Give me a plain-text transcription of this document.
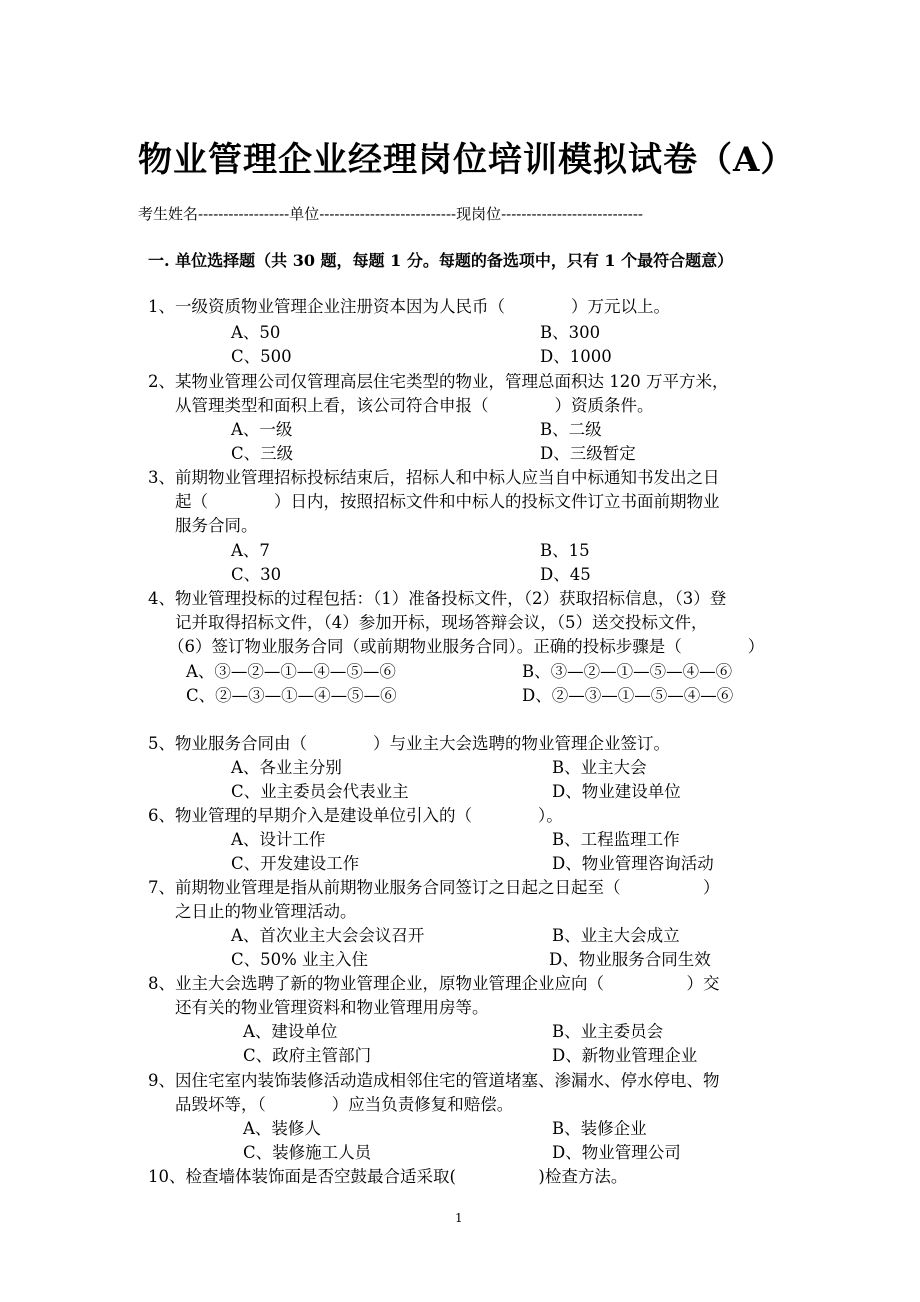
物业管理企业经理岗位培训模拟试卷（A）
考生姓名------------------单位---------------------------现岗位----------------------------
一. 单位选择题（共 30 题，每题 1 分。每题的备选项中，只有 1 个最符合题意）
1、一级资质物业管理企业注册资本因为人民币（　　　　）万元以上。
A、50	B、300
C、500	D、1000
2、某物业管理公司仅管理高层住宅类型的物业，管理总面积达 120 万平方米，
从管理类型和面积上看，该公司符合申报（　　　　）资质条件。
A、一级	B、二级
C、三级	D、三级暂定
3、前期物业管理招标投标结束后，招标人和中标人应当自中标通知书发出之日
起（　　　　）日内，按照招标文件和中标人的投标文件订立书面前期物业
服务合同。
A、7	B、15
C、30	D、45
4、物业管理投标的过程包括：（1）准备投标文件，（2）获取招标信息，（3）登
记并取得招标文件，（4）参加开标，现场答辩会议，（5）送交投标文件，
（6）签订物业服务合同（或前期物业服务合同）。正确的投标步骤是（　　　　）
A、③—②—①—④—⑤—⑥	B、③—②—①—⑤—④—⑥
C、②—③—①—④—⑤—⑥	D、②—③—①—⑤—④—⑥
5、物业服务合同由（　　　　）与业主大会选聘的物业管理企业签订。
A、各业主分别	B、业主大会
C、业主委员会代表业主	D、物业建设单位
6、物业管理的早期介入是建设单位引入的（　　　　）。
A、设计工作	B、工程监理工作
C、开发建设工作	D、物业管理咨询活动
7、前期物业管理是指从前期物业服务合同签订之日起之日起至（　　　　　）
之日止的物业管理活动。
A、首次业主大会会议召开	B、业主大会成立
C、50% 业主入住	D、物业服务合同生效
8、业主大会选聘了新的物业管理企业，原物业管理企业应向（　　　　　）交
还有关的物业管理资料和物业管理用房等。
A、建设单位	B、业主委员会
C、政府主管部门	D、新物业管理企业
9、因住宅室内装饰装修活动造成相邻住宅的管道堵塞、渗漏水、停水停电、物
品毁坏等，（　　　　）应当负责修复和赔偿。
A、装修人	B、装修企业
C、装修施工人员	D、物业管理公司
10、检查墙体装饰面是否空鼓最合适采取(　　　　　)检查方法。
1
